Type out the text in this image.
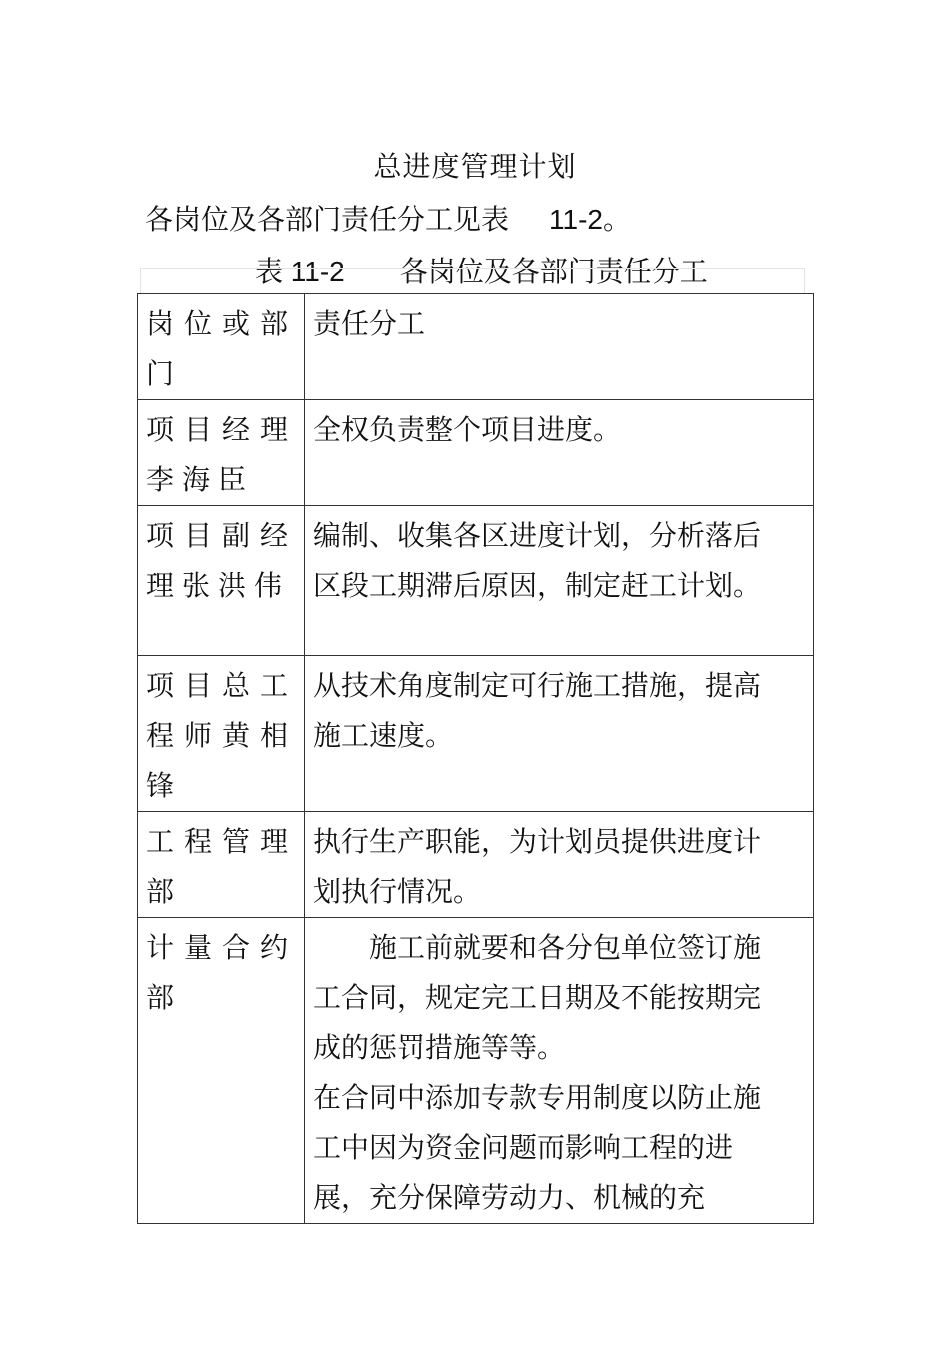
总进度管理计划
各岗位及各部门责任分工见表 11-2。
表 11-2 各岗位及各部门责任分工
岗位或部门	责任分工
项目经理李海臣	全权负责整个项目进度。
项目副经理张洪伟	编制、收集各区进度计划，分析落后区段工期滞后原因，制定赶工计划。
项目总工程师黄相锋	从技术角度制定可行施工措施，提高施工速度。
工程管理部	执行生产职能，为计划员提供进度计划执行情况。
计量合约部	施工前就要和各分包单位签订施工合同，规定完工日期及不能按期完成的惩罚措施等等。
在合同中添加专款专用制度以防止施工中因为资金问题而影响工程的进展，充分保障劳动力、机械的充
